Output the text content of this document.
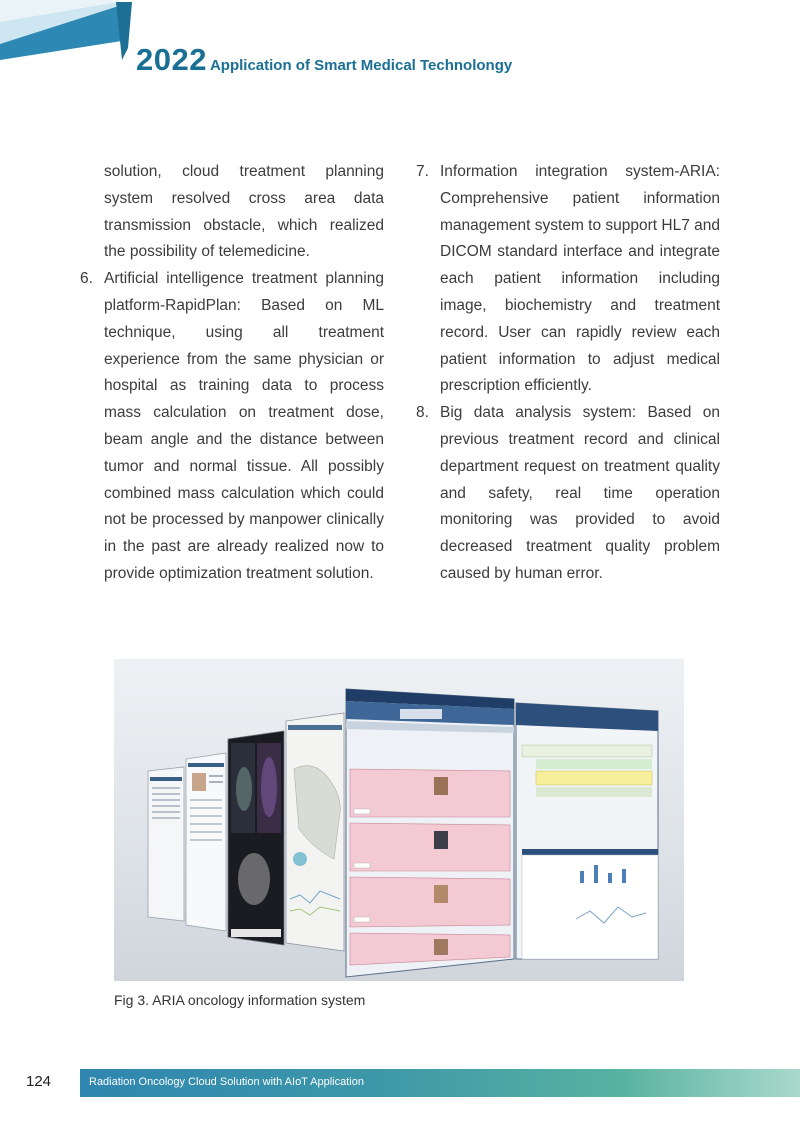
2022 Application of Smart Medical Technolongy

solution, cloud treatment planning system resolved cross area data transmission obstacle, which realized the possibility of telemedicine.

6. Artificial intelligence treatment planning platform-RapidPlan: Based on ML technique, using all treatment experience from the same physician or hospital as training data to process mass calculation on treatment dose, beam angle and the distance between tumor and normal tissue. All possibly combined mass calculation which could not be processed by manpower clinically in the past are already realized now to provide optimization treatment solution.
7. Information integration system-ARIA: Comprehensive patient information management system to support HL7 and DICOM standard interface and integrate each patient information including image, biochemistry and treatment record. User can rapidly review each patient information to adjust medical prescription efficiently.
8. Big data analysis system: Based on previous treatment record and clinical department request on treatment quality and safety, real time operation monitoring was provided to avoid decreased treatment quality problem caused by human error.
Fig 3. ARIA oncology information system
124	Radiation Oncology Cloud Solution with AIoT Application
